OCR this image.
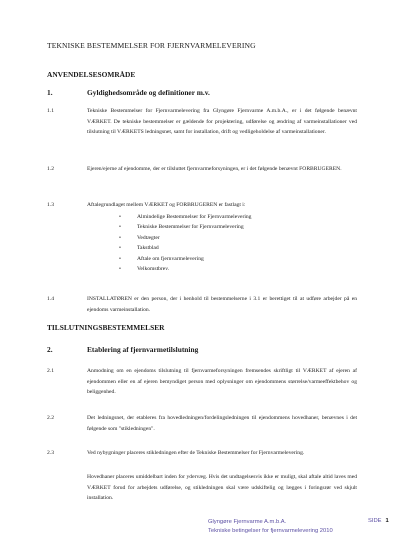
TEKNISKE BESTEMMELSER FOR FJERNVARMELEVERING
ANVENDELSESOMRÅDE
1.	Gyldighedsområde og definitioner m.v.
1.1	Tekniske Bestemmelser for Fjernvarmelevering fra Glyngøre Fjernvarme A.m.b.A., er i det følgende benævnt VÆRKET. De tekniske bestemmelser er gældende for projektering, udførelse og ændring af varmeinstallationer ved tilslutning til VÆRKETS ledningsnet, samt for installation, drift og vedligeholdelse af varmeinstallationer.
1.2	Ejeren/ejerne af ejendomme, der er tilsluttet fjernvarmeforsyningen, er i det følgende benævnt FORBRUGEREN.
1.3	Aftalegrundlaget mellem VÆRKET og FORBRUGEREN er fastlagt i:
•	Almindelige Bestemmelser for Fjernvarmelevering
•	Tekniske Bestemmelser for Fjernvarmelevering
•	Vedtægter
•	Takstblad
•	Aftale om fjernvarmelevering
•	Velkomstbrev.
1.4	INSTALLATØREN er den person, der i henhold til bestemmelserne i 3.1 er berettiget til at udføre arbejder på en ejendoms varmeinstallation.
TILSLUTNINGSBESTEMMELSER
2.	Etablering af fjernvarmetilslutning
2.1	Anmodning om en ejendoms tilslutning til fjernvarmeforsyningen fremsendes skriftligt til VÆRKET af ejeren af ejendommen eller en af ejeren bemyndiget person med oplysninger om ejendommens størrelse/varmeeffektbehov og beliggenhed.
2.2	Det ledningsnet, der etableres fra hovedledningen/fordelingsledningen til ejendommens hovedhaner, benævnes i det følgende som "stikledningen".
2.3	Ved nybygninger placeres stikledningen efter de Tekniske Bestemmelser for Fjernvarmelevering.
Hovedhaner placeres umiddelbart inden for ydervæg. Hvis det undtagelsesvis ikke er muligt, skal aftale altid laves med VÆRKET forud for arbejdets udførelse, og stikledningen skal være udskiftelig og lægges i foringsrør ved skjult installation.
Glyngøre Fjernvarme A.m.b.A.
Tekniske betingelser for fjernvarmelevering 2010
SIDE 1
